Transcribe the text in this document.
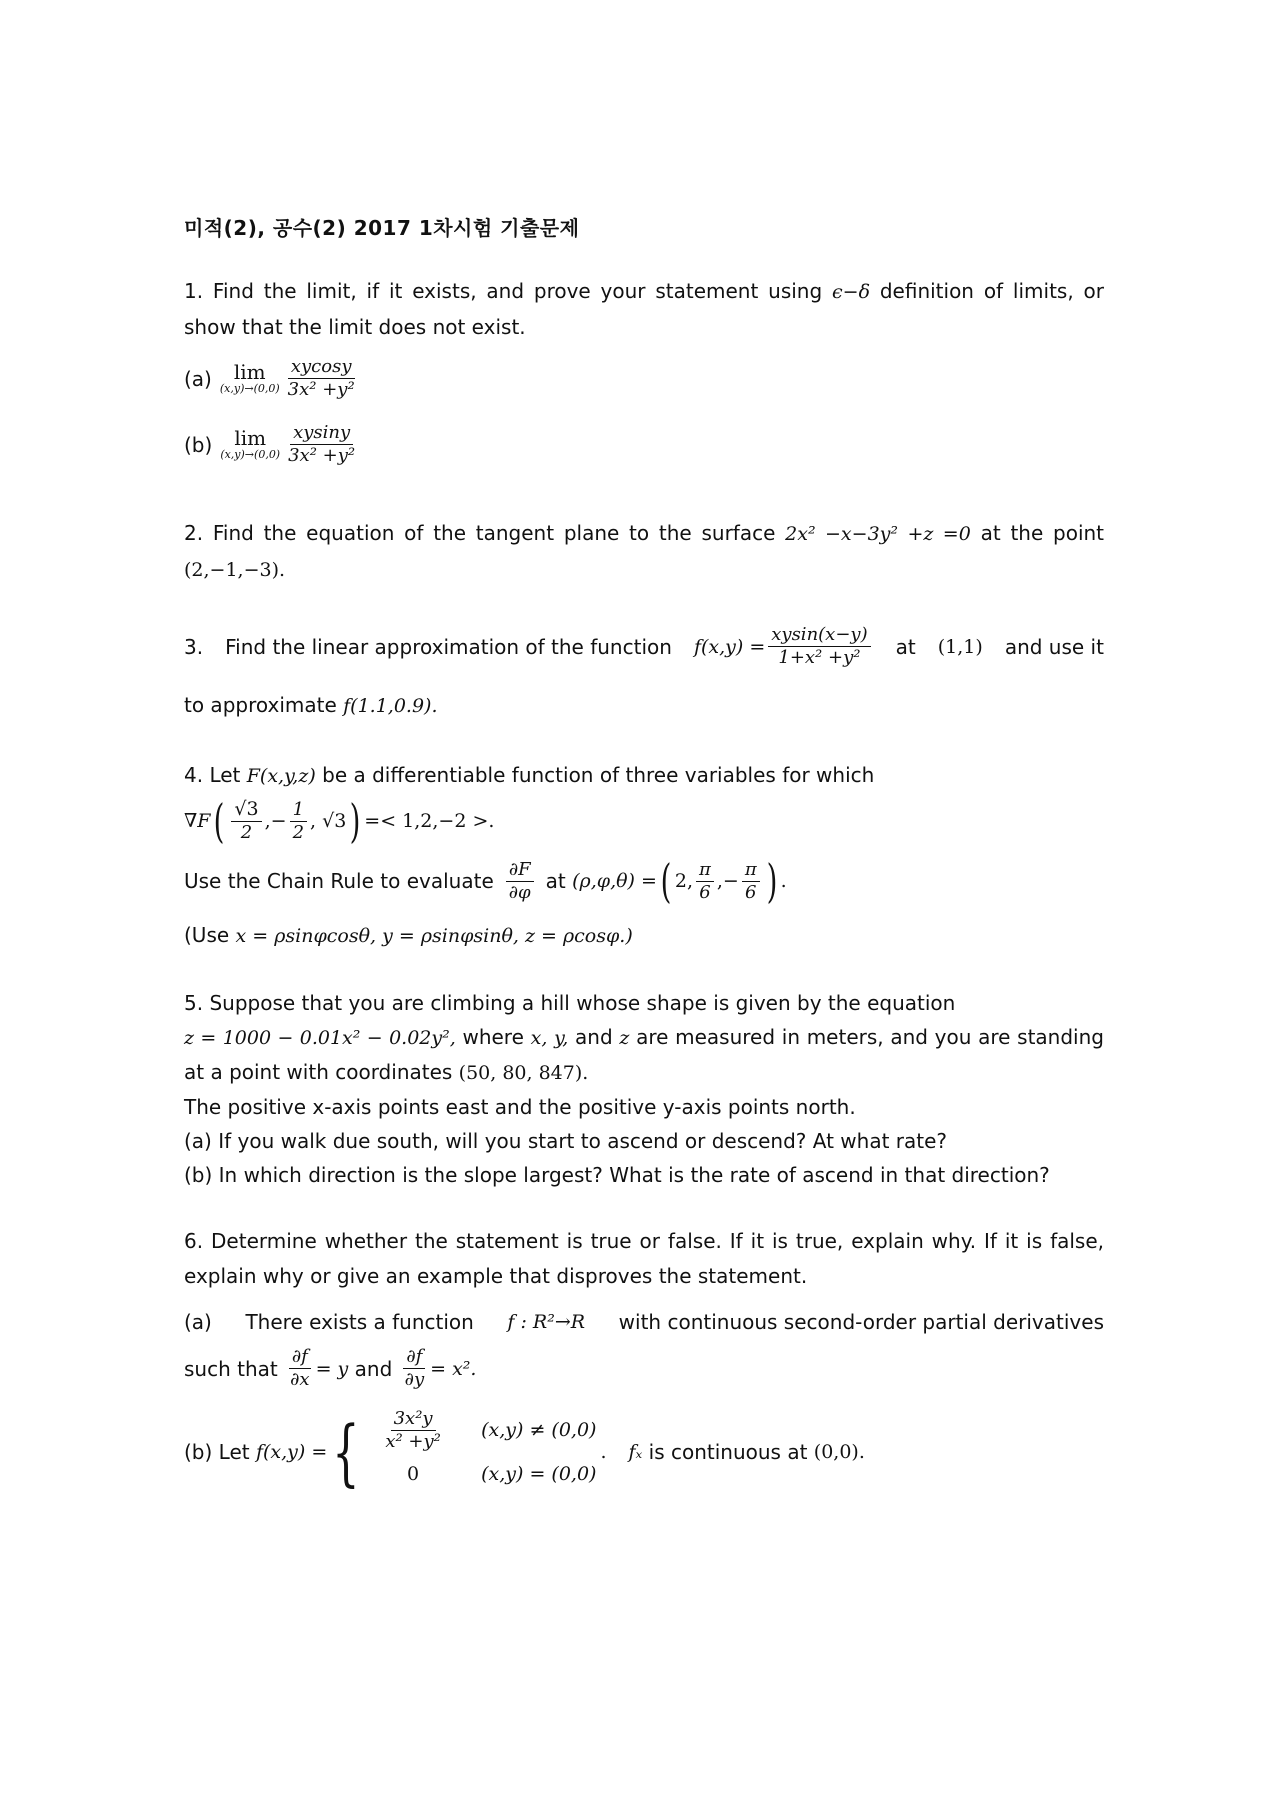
미적(2), 공수(2) 2017 1차시험 기출문제
1. Find the limit, if it exists, and prove your statement using ϵ−δ definition of limits, or show that the limit does not exist.
(a) lim
$(x,y)\to(0,0) \frac{xycosy}{\text{3x² +y²}}$
(b) lim
$(x,y)\to(0,0) \frac{xysiny}{\text{3x² +y²}}$
2. Find the equation of the tangent plane to the surface 2x² −x−3y² +z =0 at the point (2,−1,−3).
3. Find the linear approximation of the function $f(x,y) = \frac{xysin(x-y)}{\text{1+x² +y²}}$ at (1,1) and use it
to approximate f(1.1,0.9).
4. Let F(x,y,z) be a differentiable function of three variables for which
∇F ( $\frac{√3}{2}$ ,− $\frac{1}{2}$ , √3 ) =< 1,2,−2 >.
Use the Chain Rule to evaluate $\frac{\partial F}{\partial\varphi}$ at
(ρ,φ,θ) = ( 2, $\frac{\pi}{6}$ ,− $\frac{\pi}{6}$ ) .
(Use x = ρsinφcosθ, y = ρsinφsinθ, z = ρcosφ.)
5. Suppose that you are climbing a hill whose shape is given by the equation
z = 1000 − 0.01x² − 0.02y², where x, y, and z are measured in meters, and you are standing
at a point with coordinates (50, 80, 847).
The positive x-axis points east and the positive y-axis points north.
(a) If you walk due south, will you start to ascend or descend? At what rate?
(b) In which direction is the slope largest? What is the rate of ascend in that direction?
6. Determine whether the statement is true or false. If it is true, explain why. If it is false, explain why or give an example that disproves the statement.
(a) There exists a function f : R²→R with continuous second-order partial derivatives
such that
$\frac{\partial f}{\partial x} = y$
and
$\frac{\partial f}{\partial y} = x^2$.
(b)
Let
f(x,y) = { $\frac{\text{3x²y}}{\text{x² +y²}} (x,y) \ne (0,0)$
0	(x,y) = (0,0)
. fₓ
is continuous at
(0,0).
